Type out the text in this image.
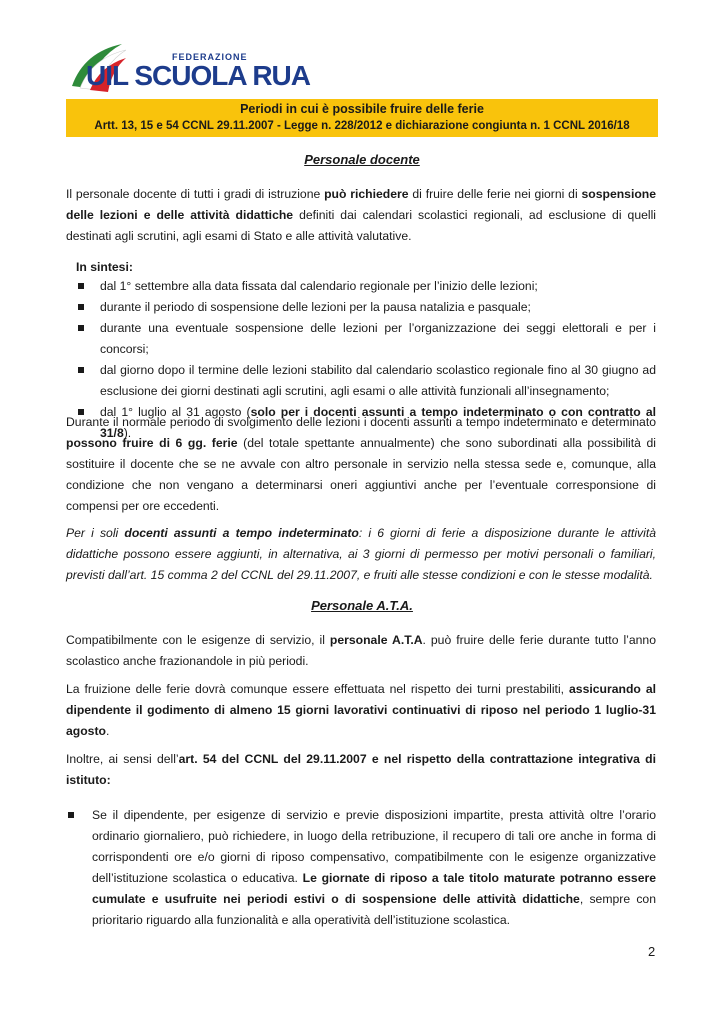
FEDERAZIONE
UIL SCUOLA RUA
Periodi in cui è possibile fruire delle ferie
Artt. 13, 15 e 54 CCNL 29.11.2007 - Legge n. 228/2012 e dichiarazione congiunta n. 1 CCNL 2016/18
Personale docente
Il personale docente di tutti i gradi di istruzione può richiedere di fruire delle ferie nei giorni di sospensione delle lezioni e delle attività didattiche definiti dai calendari scolastici regionali, ad esclusione di quelli destinati agli scrutini, agli esami di Stato e alle attività valutative.
In sintesi:
dal 1° settembre alla data fissata dal calendario regionale per l’inizio delle lezioni;
durante il periodo di sospensione delle lezioni per la pausa natalizia e pasquale;
durante una eventuale sospensione delle lezioni per l’organizzazione dei seggi elettorali e per i concorsi;
dal giorno dopo il termine delle lezioni stabilito dal calendario scolastico regionale fino al 30 giugno ad esclusione dei giorni destinati agli scrutini, agli esami o alle attività funzionali all’insegnamento;
dal 1° luglio al 31 agosto (solo per i docenti assunti a tempo indeterminato o con contratto al 31/8).
Durante il normale periodo di svolgimento delle lezioni i docenti assunti a tempo indeterminato e determinato possono fruire di 6 gg. ferie (del totale spettante annualmente) che sono subordinati alla possibilità di sostituire il docente che se ne avvale con altro personale in servizio nella stessa sede e, comunque, alla condizione che non vengano a determinarsi oneri aggiuntivi anche per l’eventuale corresponsione di compensi per ore eccedenti.
Per i soli docenti assunti a tempo indeterminato: i 6 giorni di ferie a disposizione durante le attività didattiche possono essere aggiunti, in alternativa, ai 3 giorni di permesso per motivi personali o familiari, previsti dall’art. 15 comma 2 del CCNL del 29.11.2007, e fruiti alle stesse condizioni e con le stesse modalità.
Personale A.T.A.
Compatibilmente con le esigenze di servizio, il personale A.T.A. può fruire delle ferie durante tutto l’anno scolastico anche frazionandole in più periodi.
La fruizione delle ferie dovrà comunque essere effettuata nel rispetto dei turni prestabiliti, assicurando al dipendente il godimento di almeno 15 giorni lavorativi continuativi di riposo nel periodo 1 luglio-31 agosto.
Inoltre, ai sensi dell’art. 54 del CCNL del 29.11.2007 e nel rispetto della contrattazione integrativa di istituto:
Se il dipendente, per esigenze di servizio e previe disposizioni impartite, presta attività oltre l’orario ordinario giornaliero, può richiedere, in luogo della retribuzione, il recupero di tali ore anche in forma di corrispondenti ore e/o giorni di riposo compensativo, compatibilmente con le esigenze organizzative dell’istituzione scolastica o educativa. Le giornate di riposo a tale titolo maturate potranno essere cumulate e usufruite nei periodi estivi o di sospensione delle attività didattiche, sempre con prioritario riguardo alla funzionalità e alla operatività dell’istituzione scolastica.
2
